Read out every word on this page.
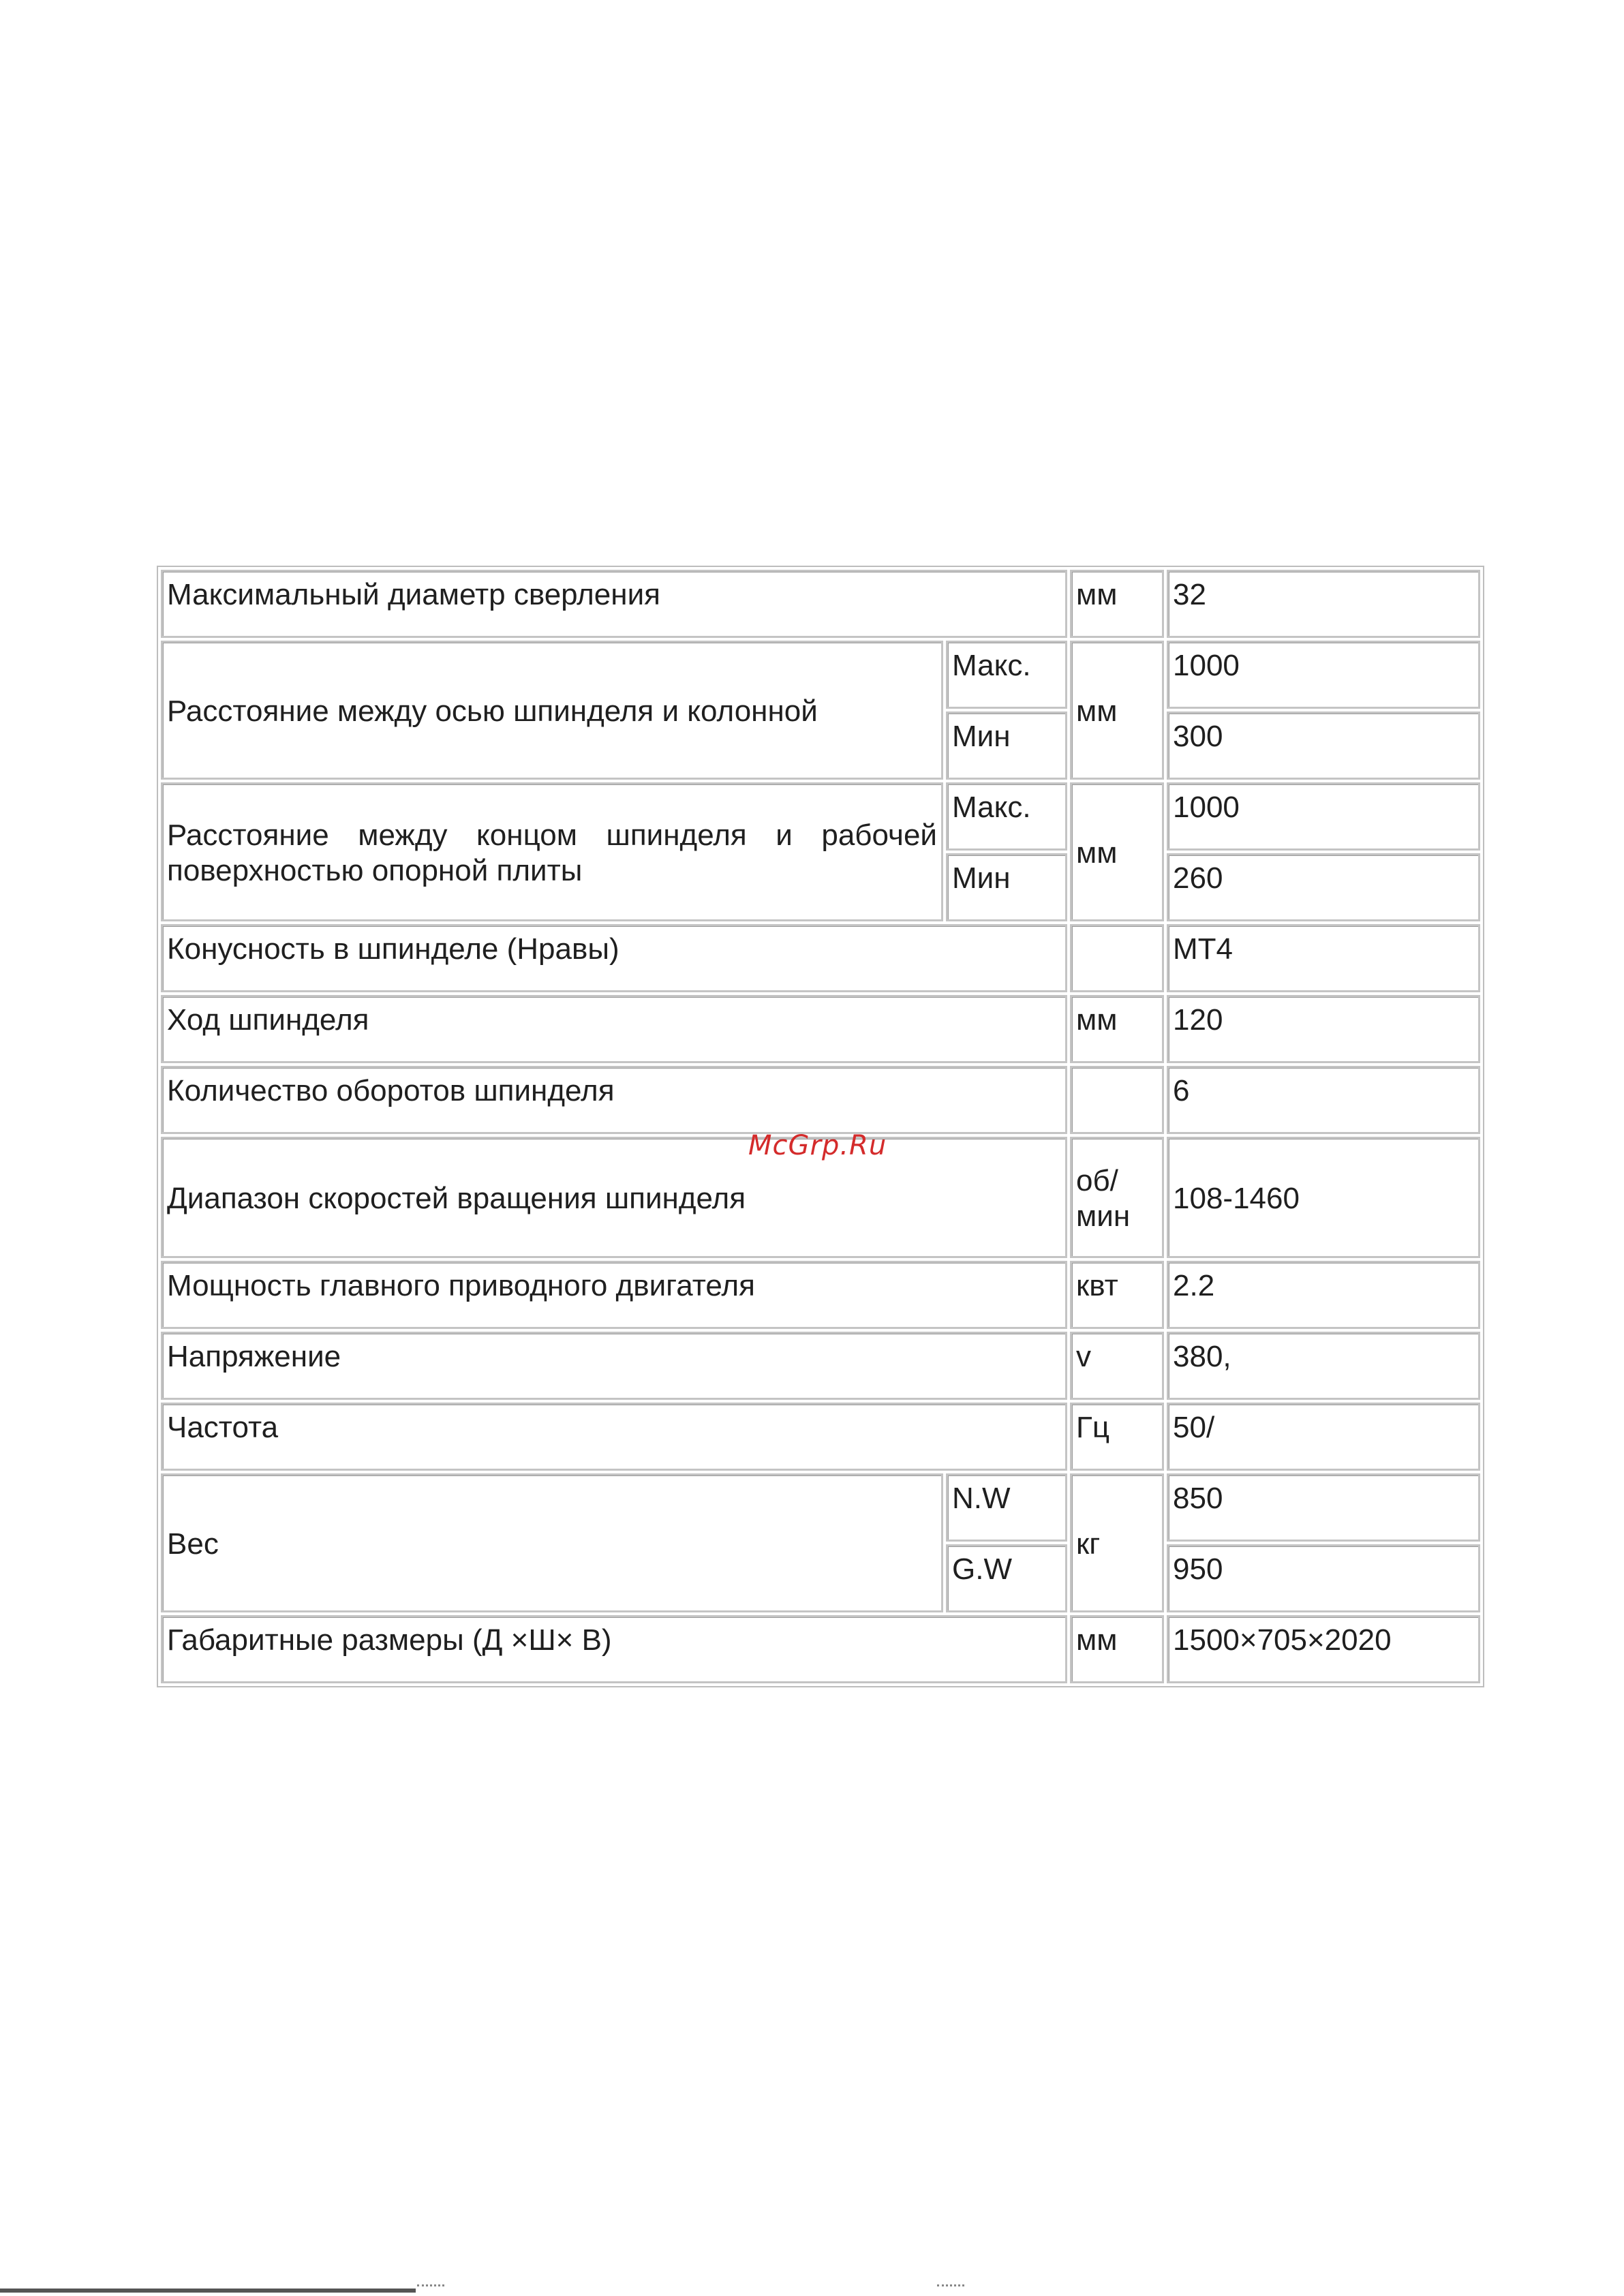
Максимальный диаметр сверления		мм	32
Расстояние между осью шпинделя и колонной	Макс.	мм	1000
	Мин		300
Расстояние между концом шпинделя и рабочей поверхностью опорной плиты	Макс.	мм	1000
	Мин		260
Конусность в шпинделе (Нравы)			MT4
Ход шпинделя		мм	120
Количество оборотов шпинделя			6
Диапазон скоростей вращения шпинделя		об/ мин	108-1460
Мощность главного приводного двигателя		квт	2.2
Напряжение		v	380,
Частота		Гц	50/
Вес	N.W	кг	850
	G.W		950
Габаритные размеры (Д ×Ш× В)		мм	1500×705×2020
McGrp.Ru
